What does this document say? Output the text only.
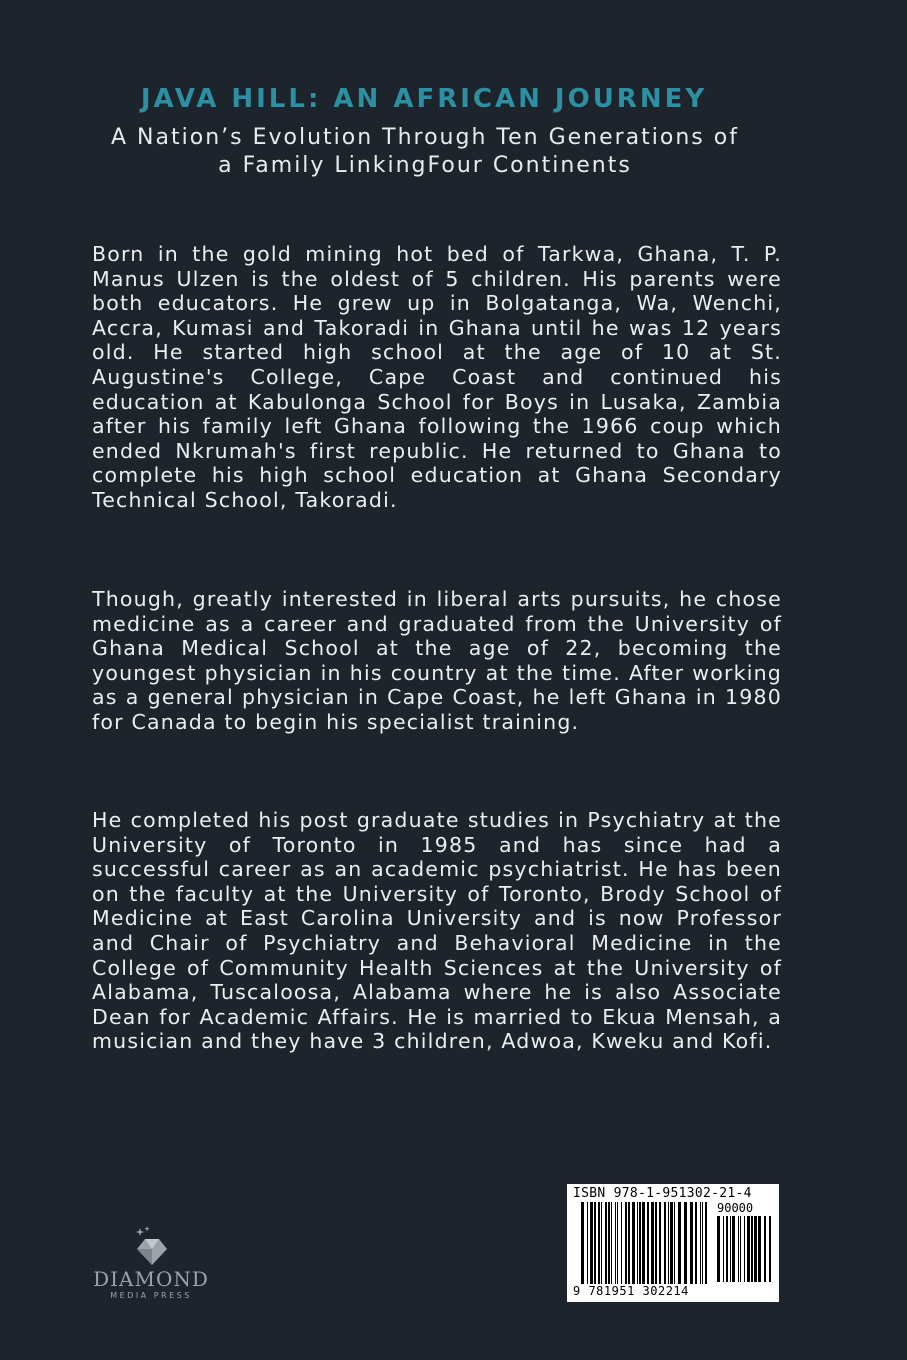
JAVA HILL: AN AFRICAN JOURNEY
A Nation’s Evolution Through Ten Generations of a Family LinkingFour Continents

Born in the gold mining hot bed of Tarkwa, Ghana, T. P. Manus Ulzen is the oldest of 5 children. His parents were both educators. He grew up in Bolgatanga, Wa, Wenchi, Accra, Kumasi and Takoradi in Ghana until he was 12 years old. He started high school at the age of 10 at St. Augustine's College, Cape Coast and continued his education at Kabulonga School for Boys in Lusaka, Zambia after his family left Ghana following the 1966 coup which ended Nkrumah's first republic. He returned to Ghana to complete his high school education at Ghana Secondary Technical School, Takoradi.

Though, greatly interested in liberal arts pursuits, he chose medicine as a career and graduated from the University of Ghana Medical School at the age of 22, becoming the youngest physician in his country at the time. After working as a general physician in Cape Coast, he left Ghana in 1980 for Canada to begin his specialist training.

He completed his post graduate studies in Psychiatry at the University of Toronto in 1985 and has since had a successful career as an academic psychiatrist. He has been on the faculty at the University of Toronto, Brody School of Medicine at East Carolina University and is now Professor and Chair of Psychiatry and Behavioral Medicine in the College of Community Health Sciences at the University of Alabama, Tuscaloosa, Alabama where he is also Associate Dean for Academic Affairs. He is married to Ekua Mensah, a musician and they have 3 children, Adwoa, Kweku and Kofi.

DIAMOND
MEDIA PRESS
ISBN 978-1-951302-21-4
90000
9 781951 302214
